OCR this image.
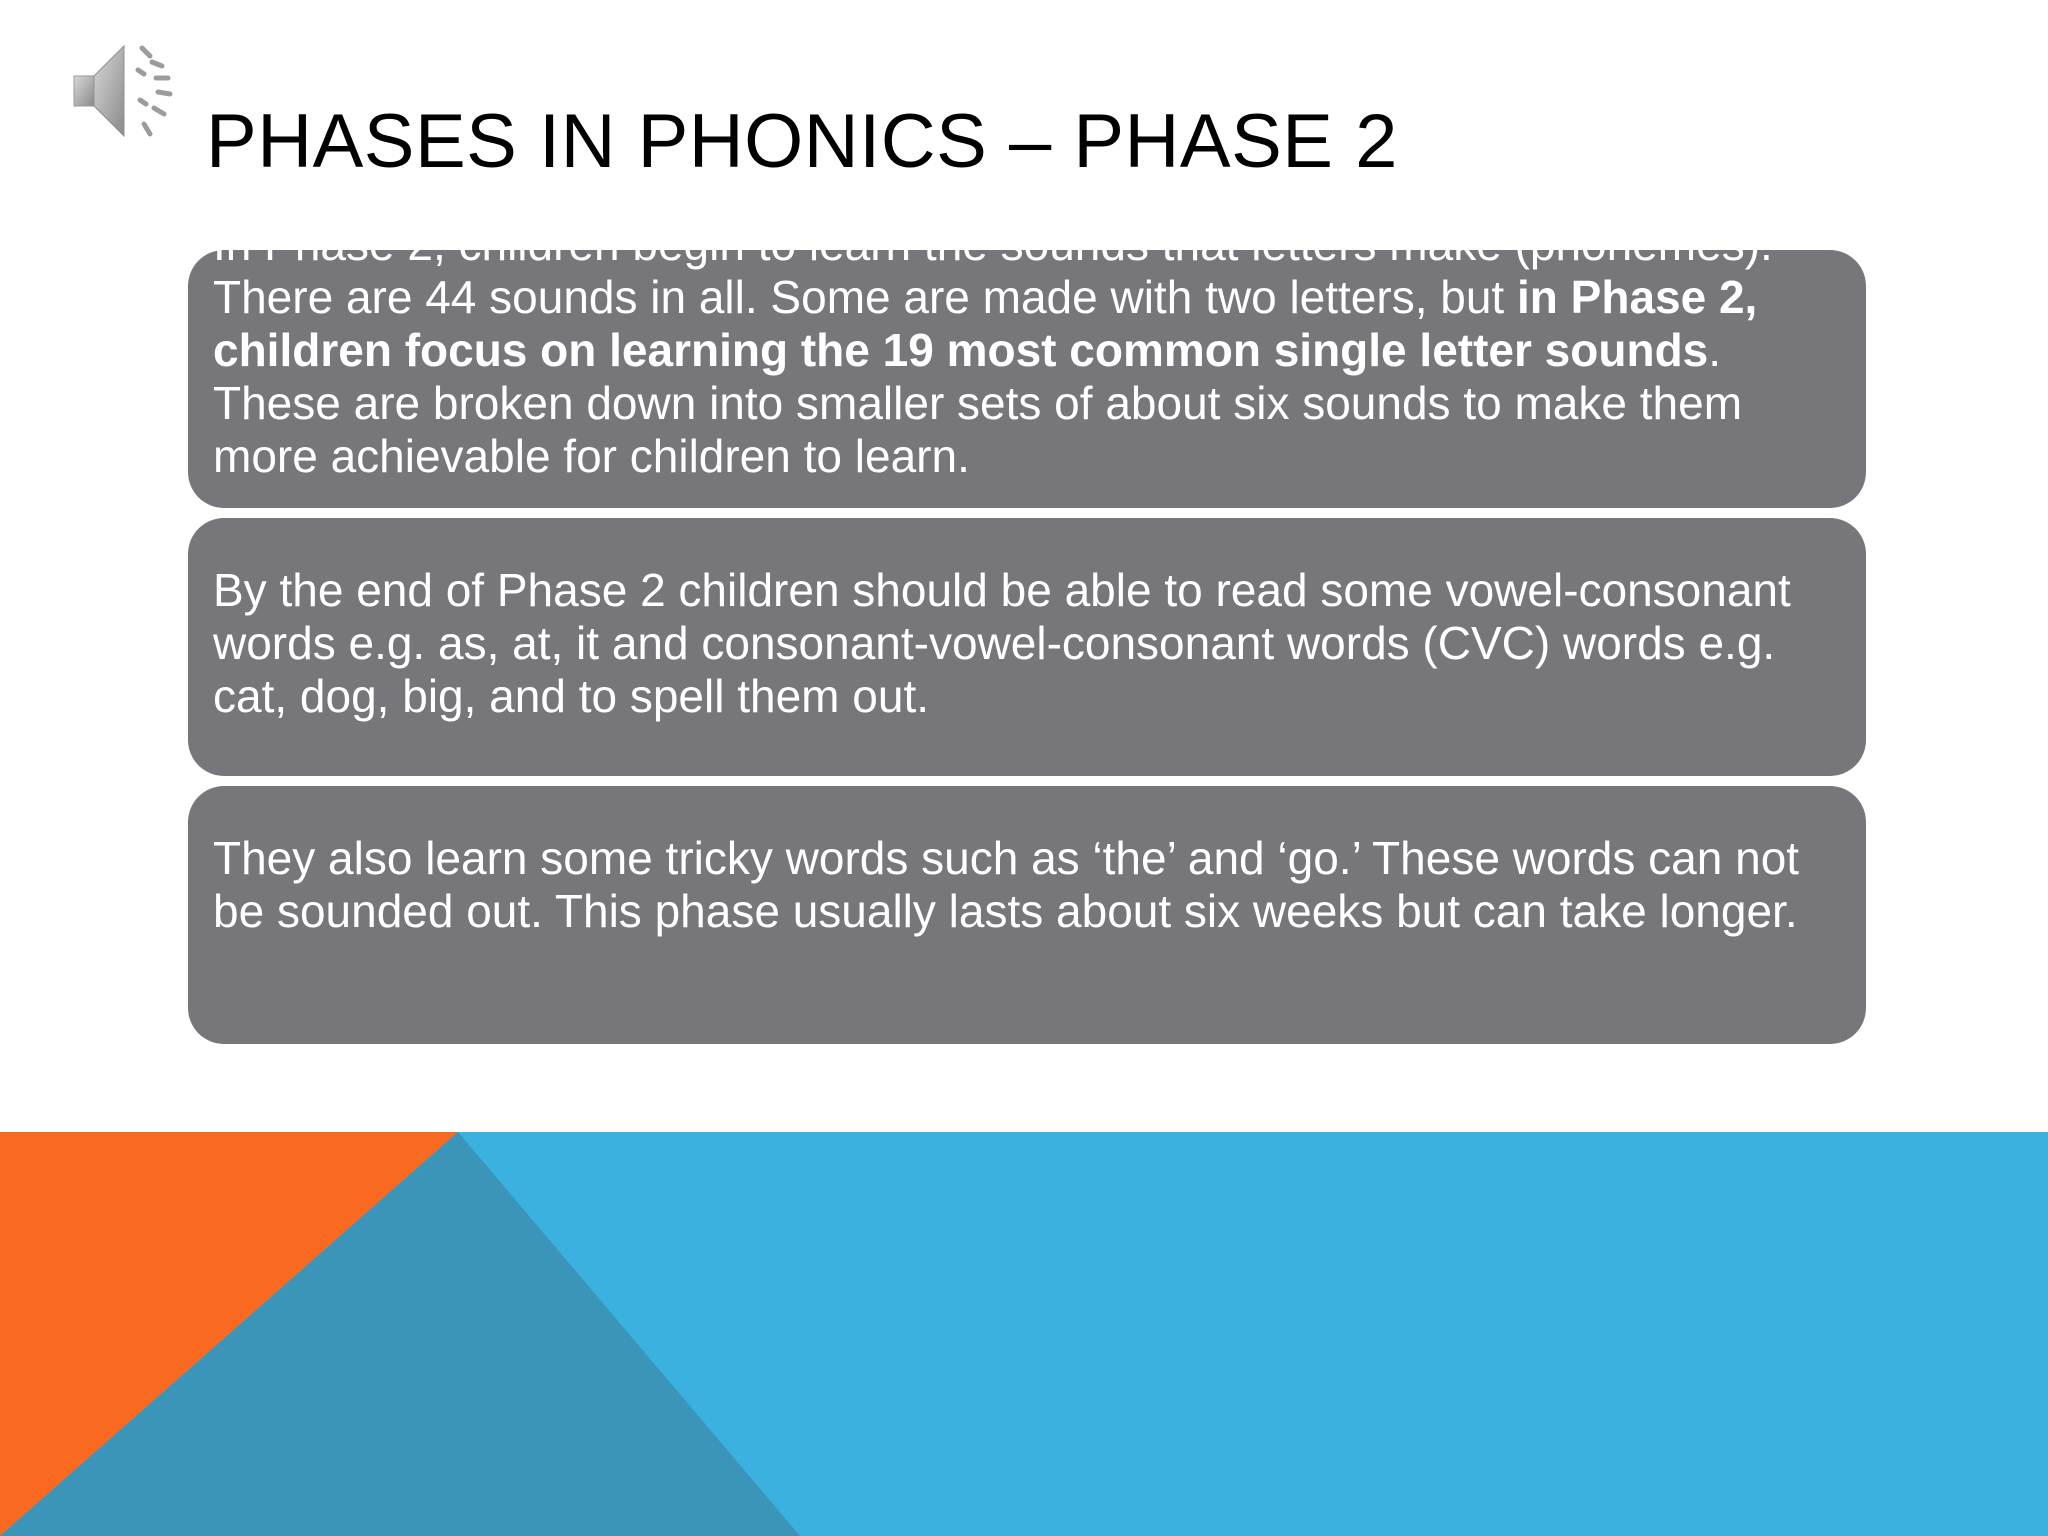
PHASES IN PHONICS – PHASE 2
In Phase 2, children begin to learn the sounds that letters make (phonemes). There are 44 sounds in all. Some are made with two letters, but in Phase 2, children focus on learning the 19 most common single letter sounds. These are broken down into smaller sets of about six sounds to make them more achievable for children to learn.
By the end of Phase 2 children should be able to read some vowel-consonant words e.g. as, at, it and consonant-vowel-consonant words (CVC) words e.g. cat, dog, big, and to spell them out.
They also learn some tricky words such as ‘the’ and ‘go.’ These words can not be sounded out. This phase usually lasts about six weeks but can take longer.
